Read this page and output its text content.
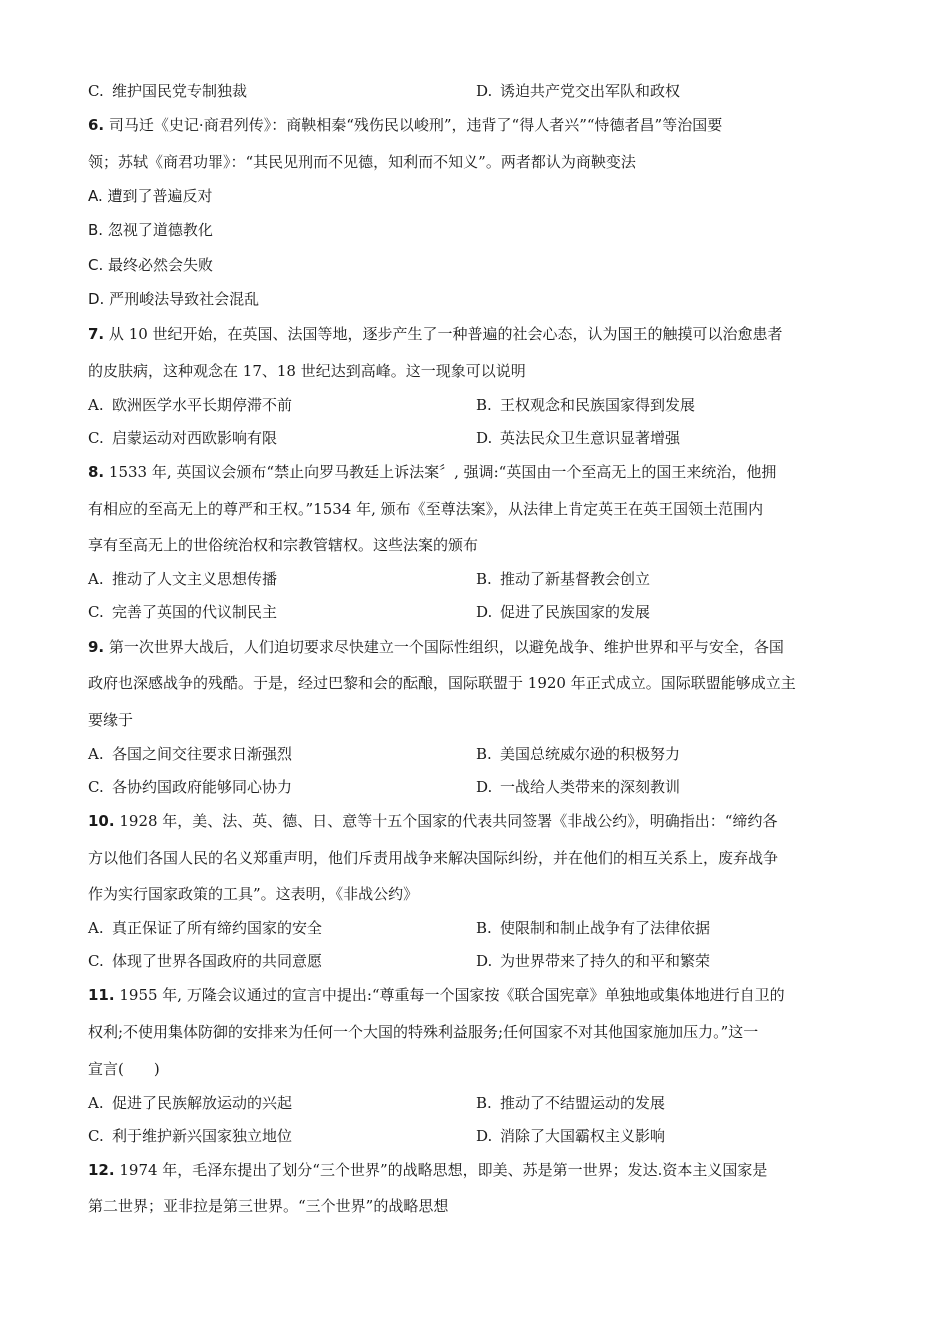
C. 维护国民党专制独裁	D. 诱迫共产党交出军队和政权
6. 司马迁《史记·商君列传》：商鞅相秦“残伤民以峻刑”，违背了“得人者兴”“恃德者昌”等治国要
领；苏轼《商君功罪》：“其民见刑而不见德，知利而不知义”。两者都认为商鞅变法
A. 遭到了普遍反对
B. 忽视了道德教化
C. 最终必然会失败
D. 严刑峻法导致社会混乱
7. 从 10 世纪开始，在英国、法国等地，逐步产生了一种普遍的社会心态，认为国王的触摸可以治愈患者
的皮肤病，这种观念在 17、18 世纪达到高峰。这一现象可以说明
A. 欧洲医学水平长期停滞不前	B. 王权观念和民族国家得到发展
C. 启蒙运动对西欧影响有限	D. 英法民众卫生意识显著增强
8. 1533 年, 英国议会颁布“禁止向罗马教廷上诉法案〞, 强调:“英国由一个至高无上的国王来统治，他拥
有相应的至高无上的尊严和王权。”1534 年, 颁布《至尊法案》，从法律上肯定英王在英王国领土范围内
享有至高无上的世俗统治权和宗教管辖权。这些法案的颁布
A. 推动了人文主义思想传播	B. 推动了新基督教会创立
C. 完善了英国的代议制民主	D. 促进了民族国家的发展
9. 第一次世界大战后，人们迫切要求尽快建立一个国际性组织，以避免战争、维护世界和平与安全，各国
政府也深感战争的残酷。于是，经过巴黎和会的酝酿，国际联盟于 1920 年正式成立。国际联盟能够成立主
要缘于
A. 各国之间交往要求日渐强烈	B. 美国总统威尔逊的积极努力
C. 各协约国政府能够同心协力	D. 一战给人类带来的深刻教训
10. 1928 年，美、法、英、德、日、意等十五个国家的代表共同签署《非战公约》，明确指出：“缔约各
方以他们各国人民的名义郑重声明，他们斥责用战争来解决国际纠纷，并在他们的相互关系上，废弃战争
作为实行国家政策的工具”。这表明，《非战公约》
A. 真正保证了所有缔约国家的安全	B. 使限制和制止战争有了法律依据
C. 体现了世界各国政府的共同意愿	D. 为世界带来了持久的和平和繁荣
11. 1955 年, 万隆会议通过的宣言中提出:“尊重每一个国家按《联合国宪章》单独地或集体地进行自卫的
权利;不使用集体防御的安排来为任何一个大国的特殊利益服务;任何国家不对其他国家施加压力。”这一
宣言( )
A. 促进了民族解放运动的兴起	B. 推动了不结盟运动的发展
C. 利于维护新兴国家独立地位	D. 消除了大国霸权主义影响
12. 1974 年，毛泽东提出了划分“三个世界”的战略思想，即美、苏是第一世界；发达.资本主义国家是
第二世界；亚非拉是第三世界。“三个世界”的战略思想
